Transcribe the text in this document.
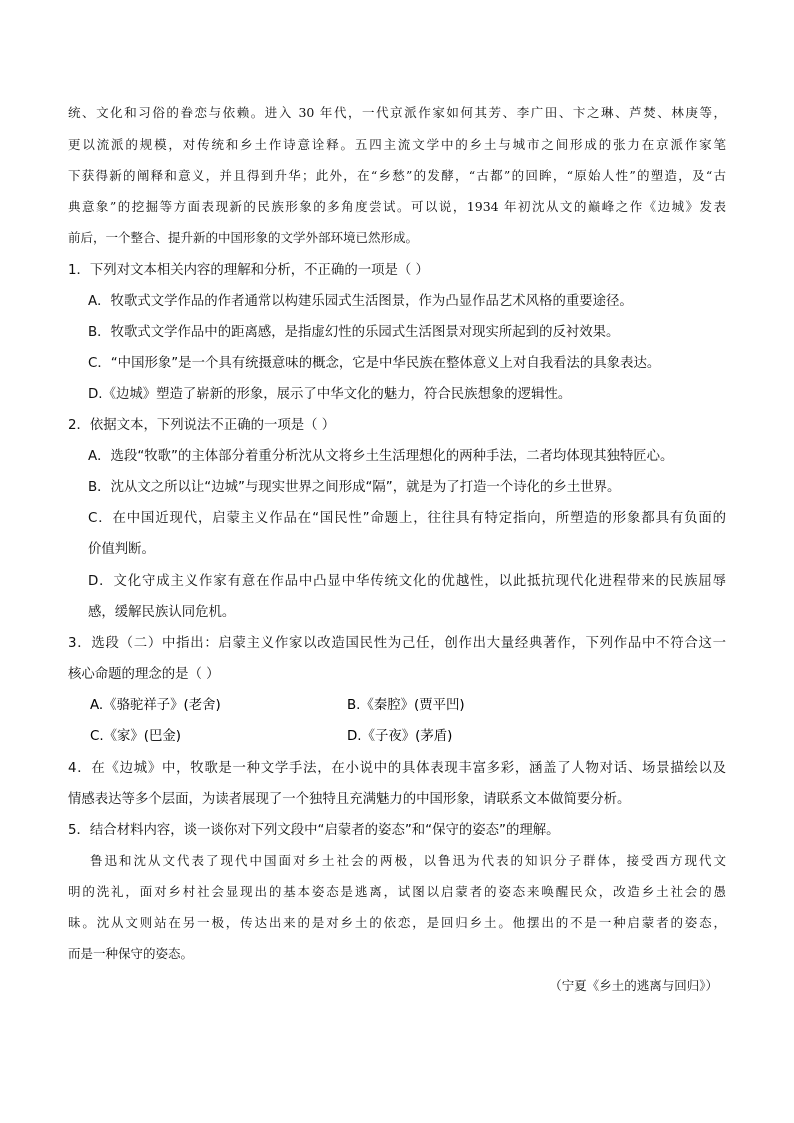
统、文化和习俗的眷恋与依赖。进入 30 年代，一代京派作家如何其芳、李广田、卞之琳、芦焚、林庚等，
更以流派的规模，对传统和乡土作诗意诠释。五四主流文学中的乡土与城市之间形成的张力在京派作家笔
下获得新的阐释和意义，并且得到升华；此外，在“乡愁”的发酵，“古都”的回眸，“原始人性”的塑造，及“古
典意象”的挖掘等方面表现新的民族形象的多角度尝试。可以说，1934 年初沈从文的巅峰之作《边城》发表
前后，一个整合、提升新的中国形象的文学外部环境已然形成。
1．下列对文本相关内容的理解和分析，不正确的一项是（ ）
A．牧歌式文学作品的作者通常以构建乐园式生活图景，作为凸显作品艺术风格的重要途径。
B．牧歌式文学作品中的距离感，是指虚幻性的乐园式生活图景对现实所起到的反衬效果。
C．“中国形象”是一个具有统摄意味的概念，它是中华民族在整体意义上对自我看法的具象表达。
D.《边城》塑造了崭新的形象，展示了中华文化的魅力，符合民族想象的逻辑性。
2．依据文本，下列说法不正确的一项是（ ）
A．选段“牧歌”的主体部分着重分析沈从文将乡土生活理想化的两种手法，二者均体现其独特匠心。
B．沈从文之所以让“边城”与现实世界之间形成“隔”，就是为了打造一个诗化的乡土世界。
C．在中国近现代，启蒙主义作品在“国民性”命题上，往往具有特定指向，所塑造的形象都具有负面的
价值判断。
D．文化守成主义作家有意在作品中凸显中华传统文化的优越性，以此抵抗现代化进程带来的民族屈辱
感，缓解民族认同危机。
3．选段（二）中指出：启蒙主义作家以改造国民性为己任，创作出大量经典著作，下列作品中不符合这一
核心命题的理念的是（ ）
A.《骆驼祥子》(老舍)	B.《秦腔》(贾平凹)
C.《家》(巴金)	D.《子夜》(茅盾)
4．在《边城》中，牧歌是一种文学手法，在小说中的具体表现丰富多彩，涵盖了人物对话、场景描绘以及
情感表达等多个层面，为读者展现了一个独特且充满魅力的中国形象，请联系文本做简要分析。
5．结合材料内容，谈一谈你对下列文段中“启蒙者的姿态”和“保守的姿态”的理解。
鲁迅和沈从文代表了现代中国面对乡土社会的两极，以鲁迅为代表的知识分子群体，接受西方现代文
明的洗礼，面对乡村社会显现出的基本姿态是逃离，试图以启蒙者的姿态来唤醒民众，改造乡土社会的愚
昧。沈从文则站在另一极，传达出来的是对乡土的依恋，是回归乡土。他摆出的不是一种启蒙者的姿态，
而是一种保守的姿态。
（宁夏《乡土的逃离与回归》）
